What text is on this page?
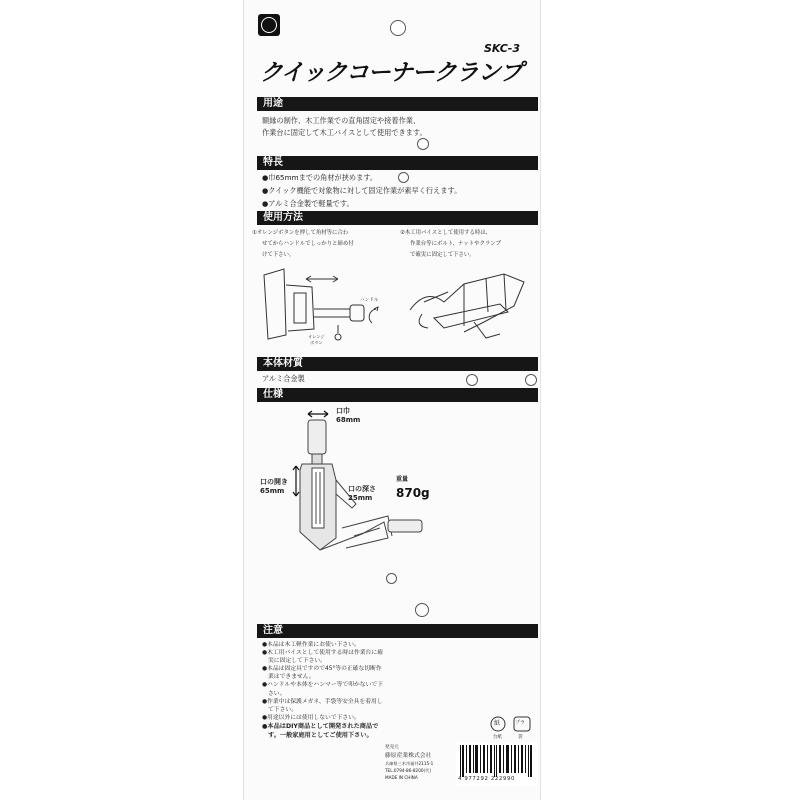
SKC-3
クイックコーナークランプ
用途
額縁の制作、木工作業での直角固定や接着作業、
作業台に固定して木工バイスとして使用できます。
特長
●巾65mmまでの角材が挟めます。
●クイック機能で対象物に対して固定作業が素早く行えます。
●アルミ合金製で軽量です。
使用方法
①オレンジボタンを押して角材等に合わ
せてからハンドルでしっかりと締め付
けて下さい。
②木工用バイスとして使用する時は、
作業台等にボルト、ナットやクランプ
で確実に固定して下さい。
ハンドル
オレンジ
ボタン
本体材質
アルミ合金製
仕様
口巾
68mm
口の開き
65mm	口の深さ
25mm
重量
870g
注意
●本品は木工軽作業にお使い下さい。
●木工用バイスとして使用する時は作業台に確実に固定して下さい。
●本品は固定具ですので45°等の正確な切断作業はできません。
●ハンドルや本体をハンマー等で叩かないで下さい。
●作業中は保護メガネ、手袋等安全具を着用して下さい。
●用途以外には使用しないで下さい。
●本品はDIY商品として開発された商品です。一般家庭用としてご使用下さい。
紙
台紙
プラ
袋
発売元
藤原産業株式会社
兵庫県三木市福井2115-1
TEL.0794-86-8200(代)
MADE IN CHINA	4 977292 222990
